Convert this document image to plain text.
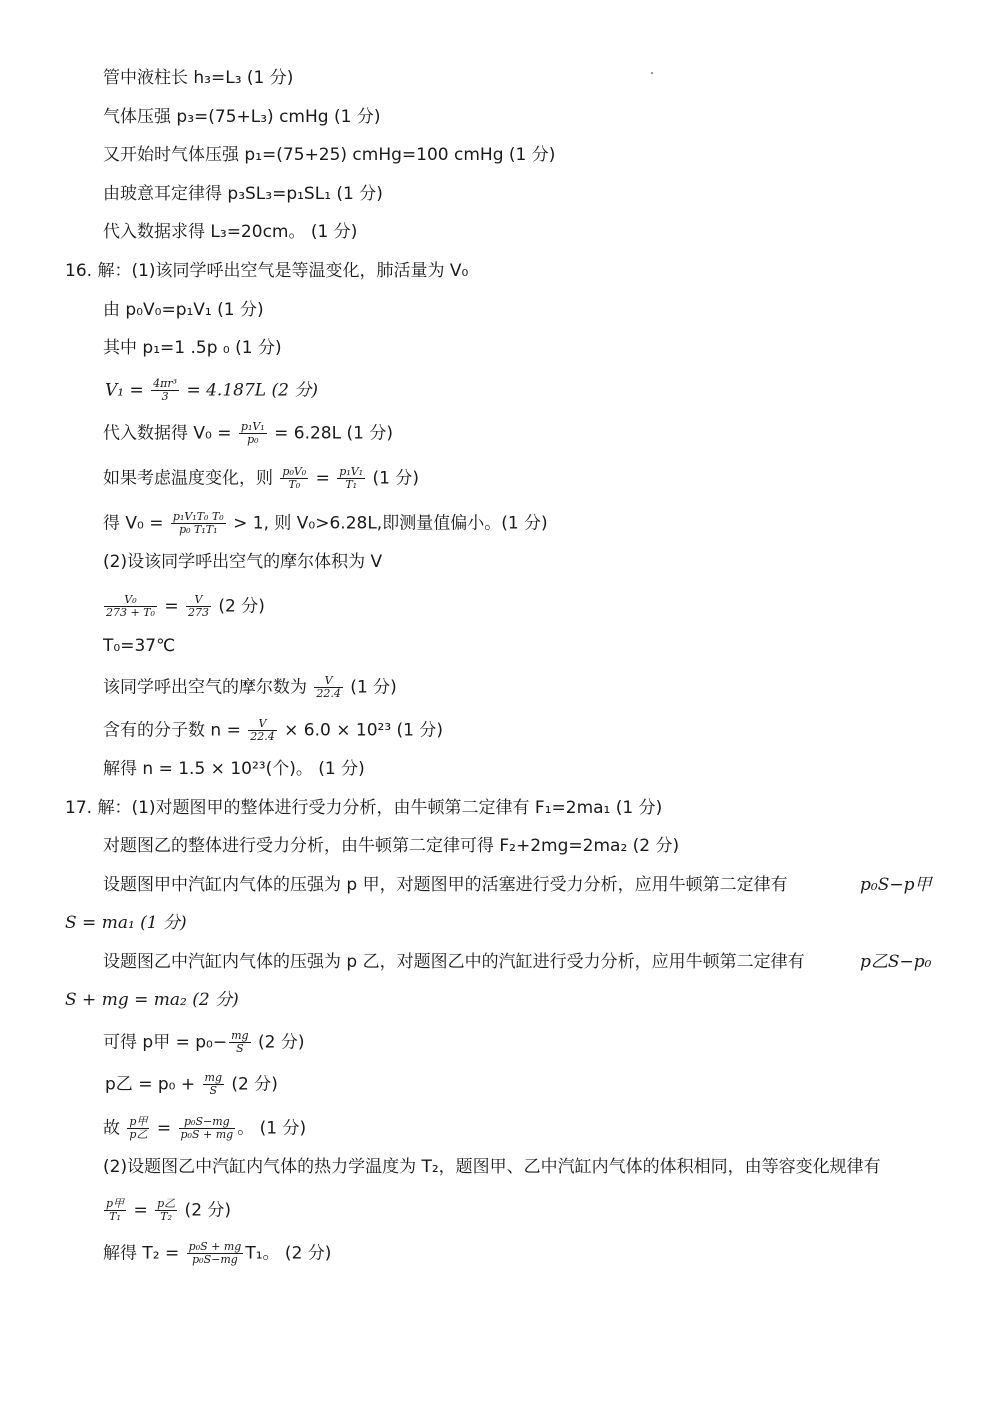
管中液柱长 h₃=L₃ (1 分)
气体压强 p₃=(75+L₃) cmHg (1 分)
又开始时气体压强 p₁=(75+25) cmHg=100 cmHg (1 分)
由玻意耳定律得 p₃SL₃=p₁SL₁ (1 分)
代入数据求得 L₃=20cm。 (1 分)
16. 解：(1)该同学呼出空气是等温变化，肺活量为 V₀
由 p₀V₀=p₁V₁ (1 分)
其中 p₁=1 .5p ₀ (1 分)
$V_1 = \frac{\text{4πr³}}{3} = 4.187L$ (2 分)
代入数据得 $V_0 = \frac{\text{p₁V₁}}{\text{p₀}} = 6.28L$ (1 分)
如果考虑温度变化，则 $\frac{\text{p₀V₀}}{\text{T₀}} = \frac{\text{p₁V₁}}{\text{T₁}} (1$ 分)
得 $V_0 = \frac{\text{p₁V₁T₀ T₀}}{\text{p₀ T₁T₁}} > 1$, 则 V₀>6.28L,即测量值偏小。(1 分)
(2)设该同学呼出空气的摩尔体积为 V
$\frac{\text{V₀}}{\text{273 + T₀}} = \frac{V}{273} (2$ 分)
T₀=37℃
该同学呼出空气的摩尔数为 $\frac{V}{22.4} (1$ 分)
含有的分子数 $n = \frac{V}{22.4} \times 6.0 \times 10^{23}$ (1 分)
解得 n = 1.5 × 10²³(个)。 (1 分)
17. 解：(1)对题图甲的整体进行受力分析，由牛顿第二定律有 F₁=2ma₁ (1 分)
对题图乙的整体进行受力分析，由牛顿第二定律可得 F₂+2mg=2ma₂ (2 分)
设题图甲中汽缸内气体的压强为 p 甲，对题图甲的活塞进行受力分析，应用牛顿第二定律有	p₀S−p甲
S = ma₁ (1 分)
设题图乙中汽缸内气体的压强为 p 乙，对题图乙中的汽缸进行受力分析，应用牛顿第二定律有	p乙S−p₀
S + mg = ma₂ (2 分)
可得 p甲 = $p_0- \frac{mg}{S} (2$ 分)
p乙 = $p_0 + \frac{mg}{S} (2$ 分)
故 $\frac{\text{p甲}}{\text{p乙}} = \frac{\text{p₀S−mg}}{\text{p₀S + mg}}$ 。 (1 分)
(2)设题图乙中汽缸内气体的热力学温度为 T₂，题图甲、乙中汽缸内气体的体积相同，由等容变化规律有
$\frac{\text{p甲}}{\text{T₁}} = \frac{\text{p乙}}{\text{T₂}} (2$ 分)
解得 $T_2 = \frac{\text{p₀S + mg}}{\text{p₀S−mg}} T_1$。 (2 分)
